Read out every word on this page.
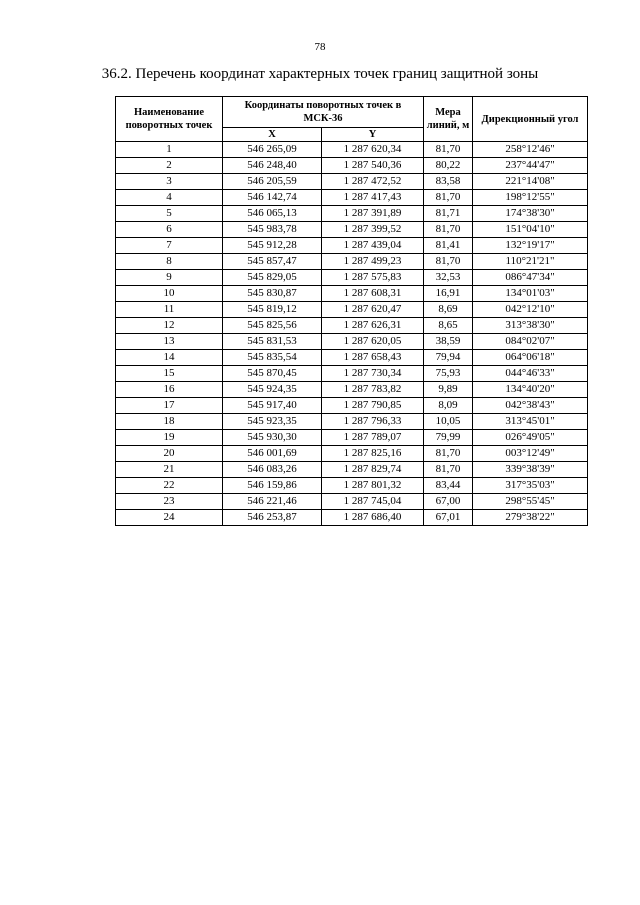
78
36.2. Перечень координат характерных точек границ защитной зоны
Наименование поворотных точек	Координаты поворотных точек в МСК-36		Мера линий, м	Дирекционный угол
	X	Y		
1	546 265,09	1 287 620,34	81,70	258°12'46"
2	546 248,40	1 287 540,36	80,22	237°44'47"
3	546 205,59	1 287 472,52	83,58	221°14'08"
4	546 142,74	1 287 417,43	81,70	198°12'55"
5	546 065,13	1 287 391,89	81,71	174°38'30"
6	545 983,78	1 287 399,52	81,70	151°04'10"
7	545 912,28	1 287 439,04	81,41	132°19'17"
8	545 857,47	1 287 499,23	81,70	110°21'21"
9	545 829,05	1 287 575,83	32,53	086°47'34"
10	545 830,87	1 287 608,31	16,91	134°01'03"
11	545 819,12	1 287 620,47	8,69	042°12'10"
12	545 825,56	1 287 626,31	8,65	313°38'30"
13	545 831,53	1 287 620,05	38,59	084°02'07"
14	545 835,54	1 287 658,43	79,94	064°06'18"
15	545 870,45	1 287 730,34	75,93	044°46'33"
16	545 924,35	1 287 783,82	9,89	134°40'20"
17	545 917,40	1 287 790,85	8,09	042°38'43"
18	545 923,35	1 287 796,33	10,05	313°45'01"
19	545 930,30	1 287 789,07	79,99	026°49'05"
20	546 001,69	1 287 825,16	81,70	003°12'49"
21	546 083,26	1 287 829,74	81,70	339°38'39"
22	546 159,86	1 287 801,32	83,44	317°35'03"
23	546 221,46	1 287 745,04	67,00	298°55'45"
24	546 253,87	1 287 686,40	67,01	279°38'22"
